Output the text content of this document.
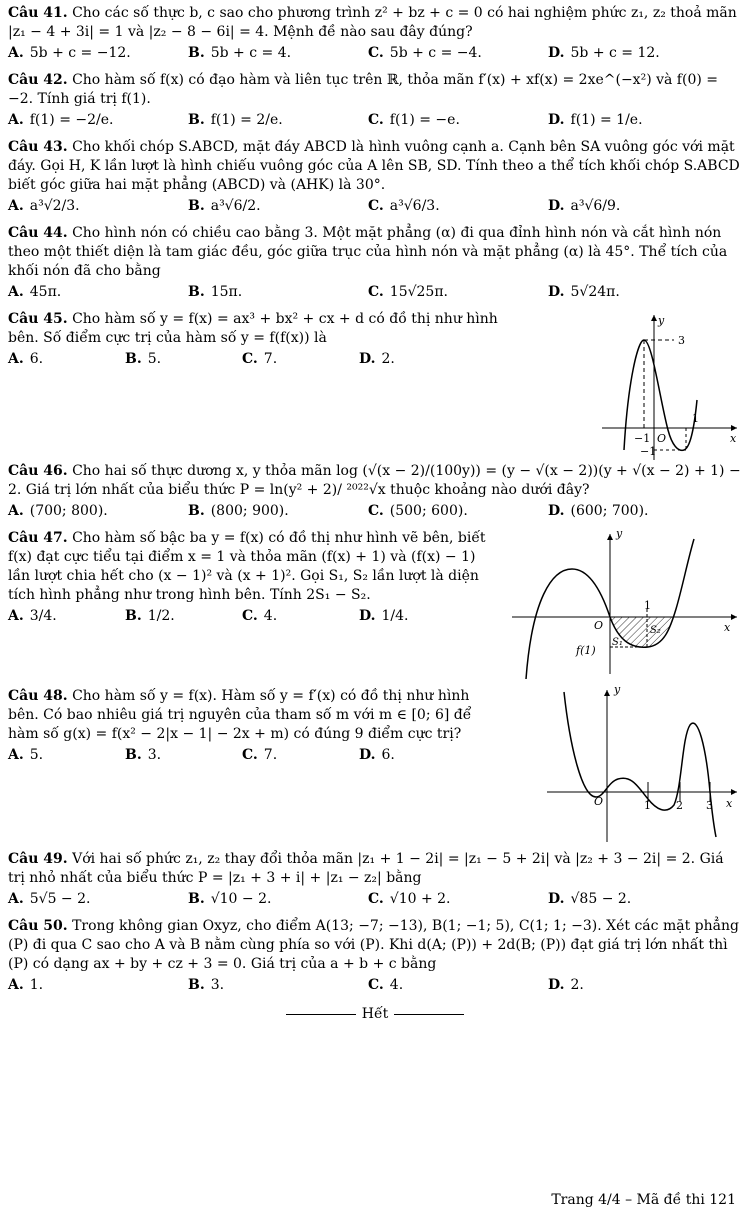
Câu 41. Cho các số thực b, c sao cho phương trình z² + bz + c = 0 có hai nghiệm phức z₁, z₂ thoả mãn |z₁ − 4 + 3i| = 1 và |z₂ − 8 − 6i| = 4. Mệnh đề nào sau đây đúng?
A. 5b + c = −12.	B. 5b + c = 4.	C. 5b + c = −4.	D. 5b + c = 12.
Câu 42. Cho hàm số f(x) có đạo hàm và liên tục trên ℝ, thỏa mãn f′(x) + xf(x) = 2xe^(−x²) và f(0) = −2. Tính giá trị f(1).
A. f(1) = −2/e.	B. f(1) = 2/e.	C. f(1) = −e.	D. f(1) = 1/e.
Câu 43. Cho khối chóp S.ABCD, mặt đáy ABCD là hình vuông cạnh a. Cạnh bên SA vuông góc với mặt đáy. Gọi H, K lần lượt là hình chiếu vuông góc của A lên SB, SD. Tính theo a thể tích khối chóp S.ABCD biết góc giữa hai mặt phẳng (ABCD) và (AHK) là 30°.
A. a³√2/3.	B. a³√6/2.	C. a³√6/3.	D. a³√6/9.
Câu 44. Cho hình nón có chiều cao bằng 3. Một mặt phẳng (α) đi qua đỉnh hình nón và cắt hình nón theo một thiết diện là tam giác đều, góc giữa trục của hình nón và mặt phẳng (α) là 45°. Thể tích của khối nón đã cho bằng
A. 45π.	B. 15π.	C. 15√25π.	D. 5√24π.
Câu 45. Cho hàm số y = f(x) = ax³ + bx² + cx + d có đồ thị như hình bên. Số điểm cực trị của hàm số y = f(f(x)) là
A. 6.	B. 5.	C. 7.	D. 2.
y
x
3
1
−1 O
−1
Câu 46. Cho hai số thực dương x, y thỏa mãn log (√(x − 2)/(100y)) = (y − √(x − 2))(y + √(x − 2) + 1) − 2. Giá trị lớn nhất của biểu thức P = ln(y² + 2)/ ²⁰²²√x thuộc khoảng nào dưới đây?
A. (700; 800).	B. (800; 900).	C. (500; 600).	D. (600; 700).
Câu 47. Cho hàm số bậc ba y = f(x) có đồ thị như hình vẽ bên, biết f(x) đạt cực tiểu tại điểm x = 1 và thỏa mãn (f(x) + 1) và (f(x) − 1) lần lượt chia hết cho (x − 1)² và (x + 1)². Gọi S₁, S₂ lần lượt là diện tích hình phẳng như trong hình bên. Tính 2S₁ − S₂.
A. 3/4.	B. 1/2.	C. 4.	D. 1/4.
y
x
O
1
f(1)
S₁
S₂
Câu 48. Cho hàm số y = f(x). Hàm số y = f′(x) có đồ thị như hình bên. Có bao nhiêu giá trị nguyên của tham số m với m ∈ [0; 6] để hàm số g(x) = f(x² − 2|x − 1| − 2x + m) có đúng 9 điểm cực trị?
A. 5.	B. 3.	C. 7.	D. 6.
y
x
O	1 2 3
Câu 49. Với hai số phức z₁, z₂ thay đổi thỏa mãn |z₁ + 1 − 2i| = |z₁ − 5 + 2i| và |z₂ + 3 − 2i| = 2. Giá trị nhỏ nhất của biểu thức P = |z₁ + 3 + i| + |z₁ − z₂| bằng
A. 5√5 − 2.	B. √10 − 2.	C. √10 + 2.	D. √85 − 2.
Câu 50. Trong không gian Oxyz, cho điểm A(13; −7; −13), B(1; −1; 5), C(1; 1; −3). Xét các mặt phẳng (P) đi qua C sao cho A và B nằm cùng phía so với (P). Khi d(A; (P)) + 2d(B; (P)) đạt giá trị lớn nhất thì (P) có dạng ax + by + cz + 3 = 0. Giá trị của a + b + c bằng
A. 1.	B. 3.	C. 4.	D. 2.
Hết
Trang 4/4 – Mã đề thi 121
